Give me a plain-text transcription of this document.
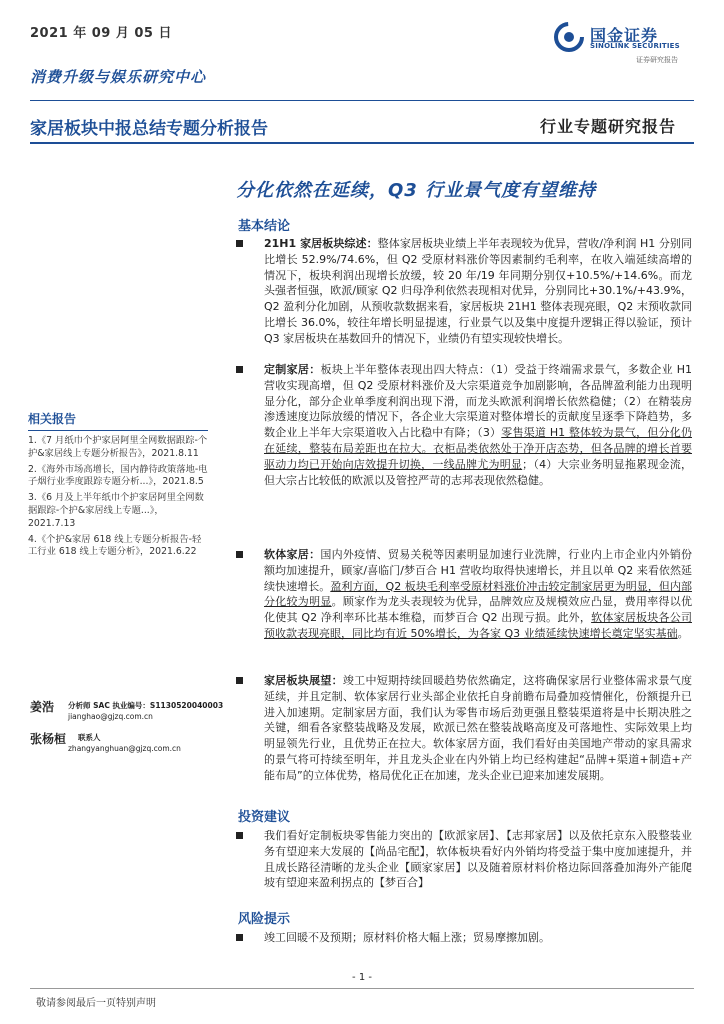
2021 年 09 月 05 日	国金证券
SINOLINK SECURITIES
证券研究报告
消费升级与娱乐研究中心
家居板块中报总结专题分析报告	行业专题研究报告
分化依然在延续，Q3 行业景气度有望维持
基本结论

21H1 家居板块综述：整体家居板块业绩上半年表现较为优异，营收/净利润 H1 分别同比增长 52.9%/74.6%，但 Q2 受原材料涨价等因素制约毛利率，在收入端延续高增的情况下，板块利润出现增长放缓，较 20 年/19 年同期分别仅+10.5%/+14.6%。而龙头强者恒强，欧派/顾家 Q2 归母净利依然表现相对优异，分别同比+30.1%/+43.9%，Q2 盈利分化加剧，从预收款数据来看，家居板块 21H1 整体表现亮眼，Q2 末预收款同比增长 36.0%，较往年增长明显提速，行业景气以及集中度提升逻辑正得以验证，预计 Q3 家居板块在基数回升的情况下，业绩仍有望实现较快增长。

定制家居：板块上半年整体表现出四大特点：（1）受益于终端需求景气，多数企业 H1 营收实现高增，但 Q2 受原材料涨价及大宗渠道竞争加剧影响，各品牌盈利能力出现明显分化，部分企业单季度利润出现下滑，而龙头欧派利润增长依然稳健；（2）在精装房渗透速度边际放缓的情况下，各企业大宗渠道对整体增长的贡献度呈逐季下降趋势，多数企业上半年大宗渠道收入占比稳中有降；（3）零售渠道 H1 整体较为景气，但分化仍在延续，整装布局差距也在拉大。衣柜品类依然处于净开店态势，但各品牌的增长首要驱动力均已开始向店效提升切换，一线品牌尤为明显；（4）大宗业务明显拖累现金流，但大宗占比较低的欧派以及管控严苛的志邦表现依然稳健。

软体家居：国内外疫情、贸易关税等因素明显加速行业洗牌，行业内上市企业内外销份额均加速提升，顾家/喜临门/梦百合 H1 营收均取得快速增长，并且以单 Q2 来看依然延续快速增长。盈利方面，Q2 板块毛利率受原材料涨价冲击较定制家居更为明显，但内部分化较为明显。顾家作为龙头表现较为优异，品牌效应及规模效应凸显，费用率得以优化使其 Q2 净利率环比基本维稳，而梦百合 Q2 出现亏损。此外，软体家居板块各公司预收款表现亮眼，同比均有近 50%增长，为各家 Q3 业绩延续快速增长奠定坚实基础。

家居板块展望：竣工中短期持续回暖趋势依然确定，这将确保家居行业整体需求景气度延续，并且定制、软体家居行业头部企业依托自身前瞻布局叠加疫情催化，份额提升已进入加速期。定制家居方面，我们认为零售市场后劲更强且整装渠道将是中长期决胜之关键，细看各家整装战略及发展，欧派已然在整装战略高度及可落地性、实际效果上均明显领先行业，且优势正在拉大。软体家居方面，我们看好由美国地产带动的家具需求的景气将可持续至明年，并且龙头企业在内外销上均已经构建起“品牌+渠道+制造+产能布局”的立体优势，格局优化正在加速，龙头企业已迎来加速发展期。

投资建议

我们看好定制板块零售能力突出的【欧派家居】、【志邦家居】以及依托京东入股整装业务有望迎来大发展的【尚品宅配】，软体板块看好内外销均将受益于集中度加速提升，并且成长路径清晰的龙头企业【顾家家居】以及随着原材料价格边际回落叠加海外产能爬坡有望迎来盈利拐点的【梦百合】

风险提示

竣工回暖不及预期；原材料价格大幅上涨；贸易摩擦加剧。

相关报告
1.《7 月纸巾个护家居阿里全网数据跟踪-个护&家居线上专题分析报告》，2021.8.11
2.《海外市场高增长，国内静待政策落地-电子烟行业季度跟踪专题分析...》，2021.8.5
3.《6 月及上半年纸巾个护家居阿里全网数据跟踪-个护&家居线上专题...》，2021.7.13
4.《个护&家居 618 线上专题分析报告-轻工行业 618 线上专题分析》，2021.6.22
姜浩 分析师 SAC 执业编号：S1130520040003
jianghao@gjzq.com.cn
张杨桓 联系人
zhangyanghuan@gjzq.com.cn
- 1 -
敬请参阅最后一页特别声明
